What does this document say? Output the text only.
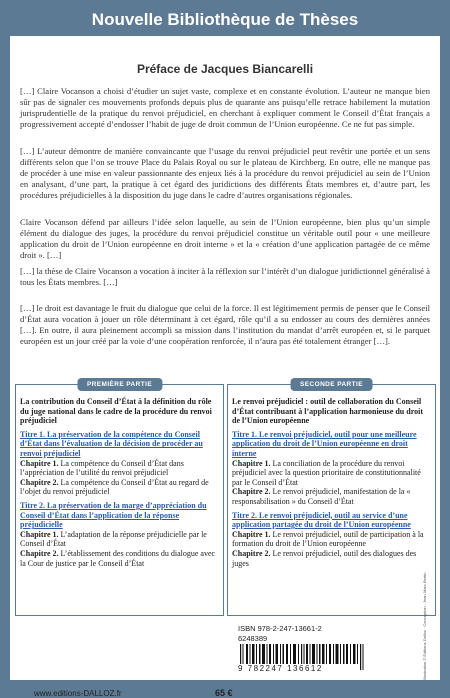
Nouvelle Bibliothèque de Thèses
Préface de Jacques Biancarelli

[…] Claire Vocanson a choisi d’étudier un sujet vaste, complexe et en constante évolution. L’auteur ne manque bien sûr pas de signaler ces mouvements profonds depuis plus de quarante ans puisqu’elle retrace habilement la mutation jurisprudentielle de la pratique du renvoi préjudiciel, en cherchant à expliquer comment le Conseil d’État français a progressivement accepté d’endosser l’habit de juge de droit commun de l’Union européenne. Ce ne fut pas simple.

[…] L’auteur démontre de manière convaincante que l’usage du renvoi préjudiciel peut revêtir une portée et un sens différents selon que l’on se trouve Place du Palais Royal ou sur le plateau de Kirchberg. En outre, elle ne manque pas de procéder à une mise en valeur passionnante des enjeux liés à la procédure du renvoi préjudiciel au sein de l’Union en analysant, d’une part, la pratique à cet égard des juridictions des différents États membres et, d’autre part, les procédures préjudicielles à la disposition du juge dans le cadre d’autres organisations régionales.

Claire Vocanson défend par ailleurs l’idée selon laquelle, au sein de l’Union européenne, bien plus qu’un simple élément du dialogue des juges, la procédure du renvoi préjudiciel constitue un véritable outil pour « une meilleure application du droit de l’Union européenne en droit interne » et la « création d’une application partagée de ce même droit ». […]

[…] la thèse de Claire Vocanson a vocation à inciter à la réflexion sur l’intérêt d’un dialogue juridictionnel généralisé à tous les États membres. […]

[…] le droit est davantage le fruit du dialogue que celui de la force. Il est légitimement permis de penser que le Conseil d’État aura vocation à jouer un rôle déterminant à cet égard, rôle qu’il a su endosser au cours des dernières années […]. En outre, il aura pleinement accompli sa mission dans l’institution du mandat d’arrêt européen et, si le parquet européen est un jour créé par la voie d’une coopération renforcée, il n’aura pas été totalement étranger […].

PREMIÈRE PARTIE
La contribution du Conseil d’État à la définition du rôle du juge national dans le cadre de la procédure du renvoi préjudiciel
Titre 1. La préservation de la compétence du Conseil d’État dans l’évaluation de la décision de procéder au renvoi préjudiciel
Chapitre 1. La compétence du Conseil d’État dans l’appréciation de l’utilité du renvoi préjudiciel
Chapitre 2. La compétence du Conseil d’État au regard de l’objet du renvoi préjudiciel
Titre 2. La préservation de la marge d’appréciation du Conseil d’État dans l’application de la réponse préjudicielle
Chapitre 1. L’adaptation de la réponse préjudicielle par le Conseil d’État
Chapitre 2. L’établissement des conditions du dialogue avec la Cour de justice par le Conseil d’État
SECONDE PARTIE
Le renvoi préjudiciel : outil de collaboration du Conseil d’État contribuant à l’application harmonieuse du droit de l’Union européenne
Titre 1. Le renvoi préjudiciel, outil pour une meilleure application du droit de l’Union européenne en droit interne
Chapitre 1. La conciliation de la procédure du renvoi préjudiciel avec la question prioritaire de constitutionnalité par le Conseil d’État
Chapitre 2. Le renvoi préjudiciel, manifestation de la « responsabilisation » du Conseil d’État
Titre 2. Le renvoi préjudiciel, outil au service d’une application partagée du droit de l’Union européenne
Chapitre 1. Le renvoi préjudiciel, outil de participation à la formation du droit de l’Union européenne
Chapitre 2. Le renvoi préjudiciel, outil des dialogues des juges
ISBN 978-2-247-13661-2
6248389
9 782247 136612	Illustration © Éditions Dalloz · Conception : Jean-Marc Bertin
www.editions-DALLOZ.fr	65 €
